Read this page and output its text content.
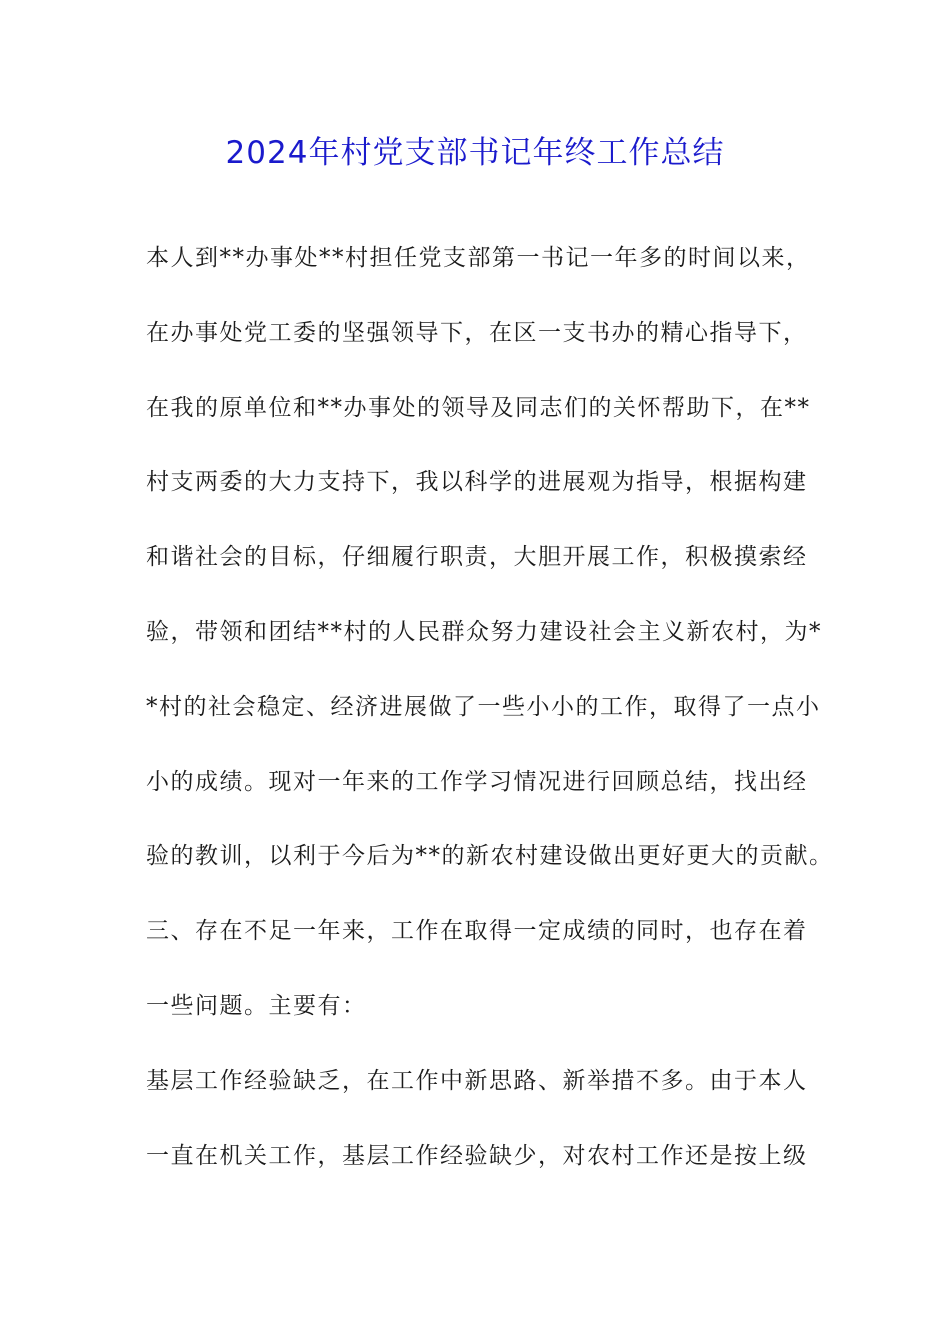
2024年村党支部书记年终工作总结
本人到**办事处**村担任党支部第一书记一年多的时间以来，
在办事处党工委的坚强领导下，在区一支书办的精心指导下，
在我的原单位和**办事处的领导及同志们的关怀帮助下，在**
村支两委的大力支持下，我以科学的进展观为指导，根据构建
和谐社会的目标，仔细履行职责，大胆开展工作，积极摸索经
验，带领和团结**村的人民群众努力建设社会主义新农村，为*
*村的社会稳定、经济进展做了一些小小的工作，取得了一点小
小的成绩。现对一年来的工作学习情况进行回顾总结，找出经
验的教训，以利于今后为**的新农村建设做出更好更大的贡献。
三、存在不足一年来，工作在取得一定成绩的同时，也存在着
一些问题。主要有：
基层工作经验缺乏，在工作中新思路、新举措不多。由于本人
一直在机关工作，基层工作经验缺少，对农村工作还是按上级
